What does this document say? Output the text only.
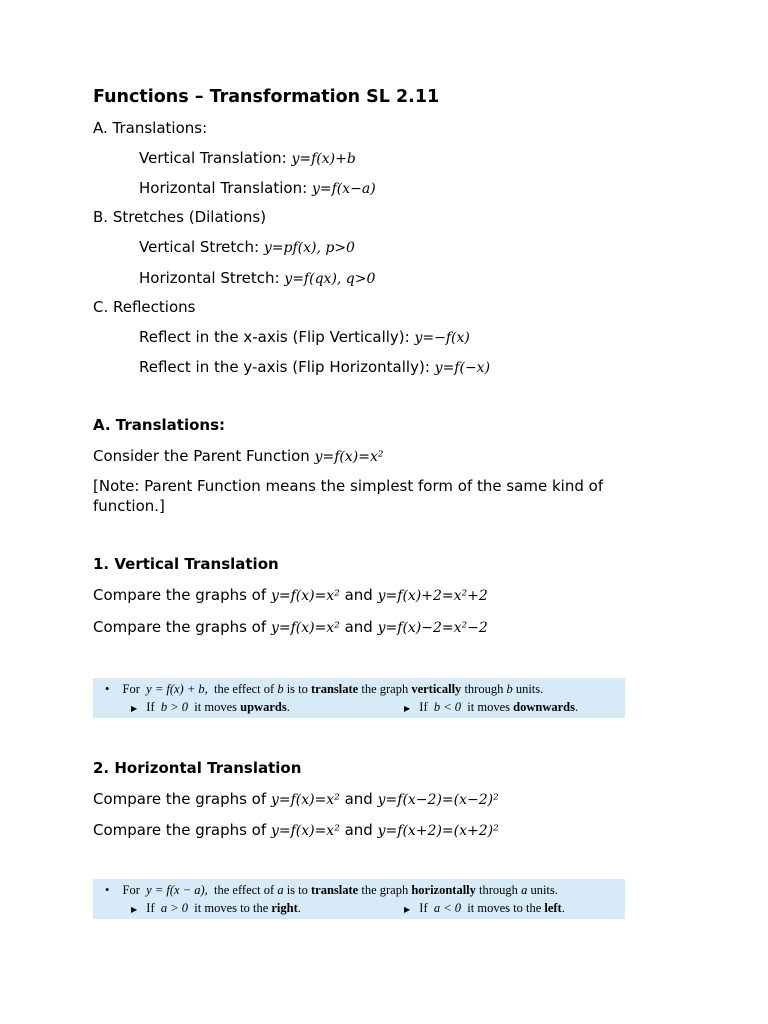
Functions – Transformation SL 2.11
A. Translations:
Vertical Translation: y=f(x)+b
Horizontal Translation: y=f(x−a)
B. Stretches (Dilations)
Vertical Stretch: y=pf(x), p>0
Horizontal Stretch: y=f(qx), q>0
C. Reflections
Reflect in the x-axis (Flip Vertically): y=−f(x)
Reflect in the y-axis (Flip Horizontally): y=f(−x)
A. Translations:
Consider the Parent Function y=f(x)=x²
[Note: Parent Function means the simplest form of the same kind of function.]
1. Vertical Translation
Compare the graphs of y=f(x)=x² and y=f(x)+2=x²+2
Compare the graphs of y=f(x)=x² and y=f(x)−2=x²−2
• For y = f(x) + b, the effect of b is to translate the graph vertically through b units.
▶ If b > 0 it moves upwards.	▶ If b < 0 it moves downwards.
2. Horizontal Translation
Compare the graphs of y=f(x)=x² and y=f(x−2)=(x−2)²
Compare the graphs of y=f(x)=x² and y=f(x+2)=(x+2)²
• For y = f(x − a), the effect of a is to translate the graph horizontally through a units.
▶ If a > 0 it moves to the right.	▶ If a < 0 it moves to the left.
